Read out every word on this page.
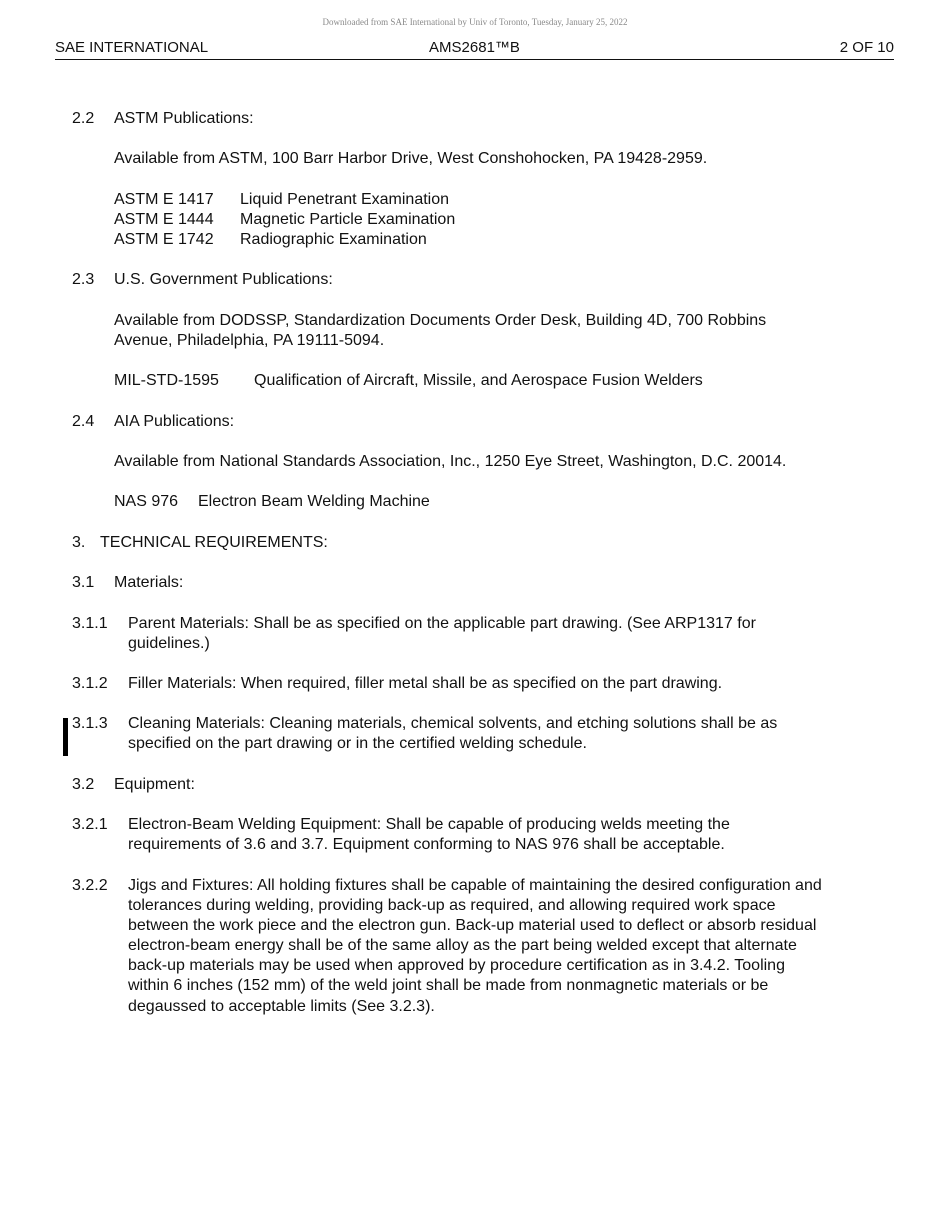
Downloaded from SAE International by Univ of Toronto, Tuesday, January 25, 2022
SAE INTERNATIONAL	AMS2681™B	2 OF 10
2.2 ASTM Publications:
Available from ASTM, 100 Barr Harbor Drive, West Conshohocken, PA 19428-2959.
ASTM E 1417 Liquid Penetrant Examination
ASTM E 1444 Magnetic Particle Examination
ASTM E 1742 Radiographic Examination
2.3 U.S. Government Publications:
Available from DODSSP, Standardization Documents Order Desk, Building 4D, 700 Robbins
Avenue, Philadelphia, PA 19111-5094.
MIL-STD-1595 Qualification of Aircraft, Missile, and Aerospace Fusion Welders
2.4 AIA Publications:
Available from National Standards Association, Inc., 1250 Eye Street, Washington, D.C. 20014.
NAS 976 Electron Beam Welding Machine
3. TECHNICAL REQUIREMENTS:
3.1 Materials:
3.1.1 Parent Materials: Shall be as specified on the applicable part drawing. (See ARP1317 for
guidelines.)
3.1.2 Filler Materials: When required, filler metal shall be as specified on the part drawing.
3.1.3 Cleaning Materials: Cleaning materials, chemical solvents, and etching solutions shall be as
specified on the part drawing or in the certified welding schedule.
3.2 Equipment:
3.2.1 Electron-Beam Welding Equipment: Shall be capable of producing welds meeting the
requirements of 3.6 and 3.7. Equipment conforming to NAS 976 shall be acceptable.
3.2.2 Jigs and Fixtures: All holding fixtures shall be capable of maintaining the desired configuration and
tolerances during welding, providing back-up as required, and allowing required work space
between the work piece and the electron gun. Back-up material used to deflect or absorb residual
electron-beam energy shall be of the same alloy as the part being welded except that alternate
back-up materials may be used when approved by procedure certification as in 3.4.2. Tooling
within 6 inches (152 mm) of the weld joint shall be made from nonmagnetic materials or be
degaussed to acceptable limits (See 3.2.3).
